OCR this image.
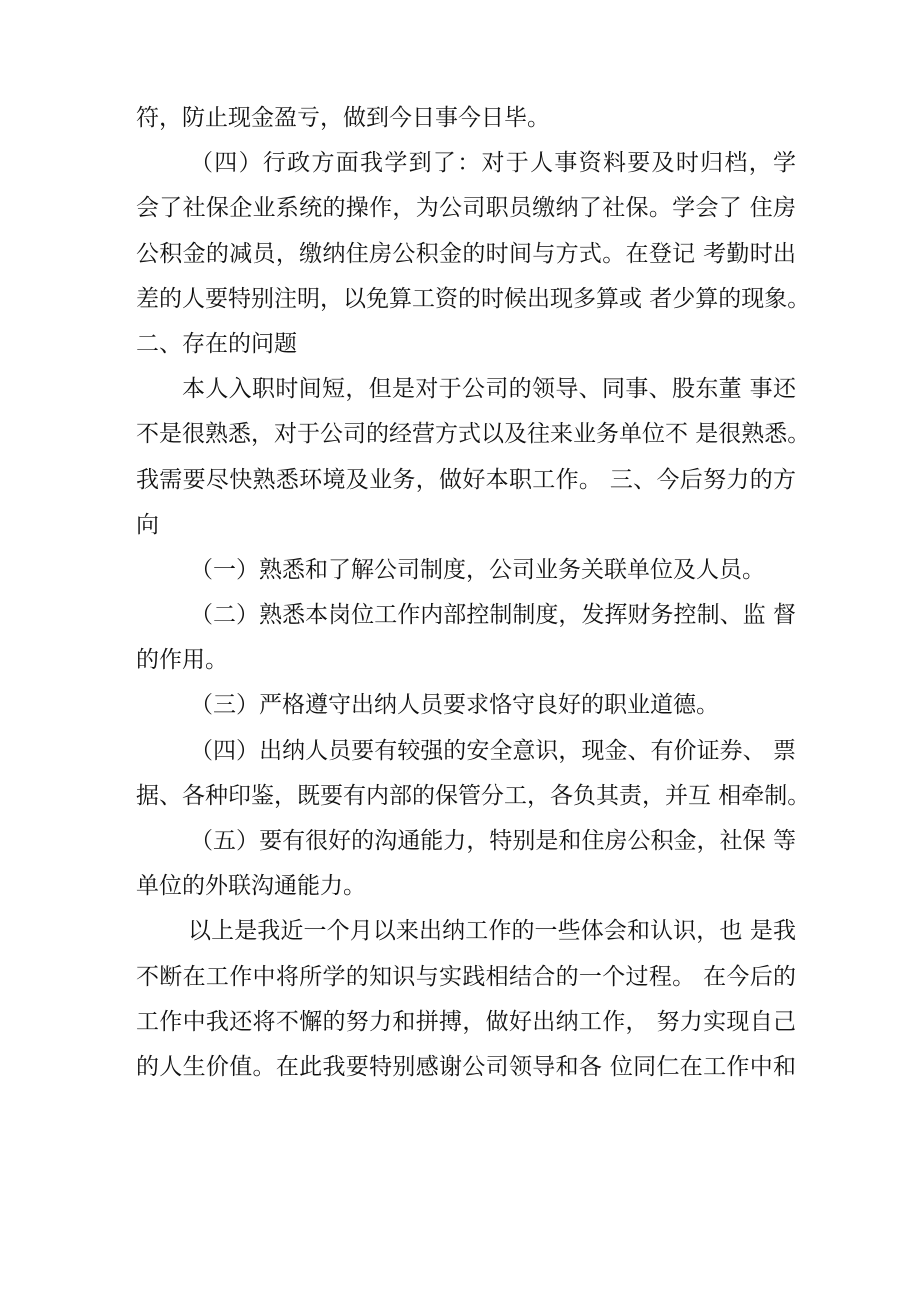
符，防止现金盈亏，做到今日事今日毕。
（四）行政方面我学到了：对于人事资料要及时归档，学
会了社保企业系统的操作，为公司职员缴纳了社保。学会了 住房
公积金的减员，缴纳住房公积金的时间与方式。在登记 考勤时出
差的人要特别注明，以免算工资的时候出现多算或 者少算的现象。
二、存在的问题
本人入职时间短，但是对于公司的领导、同事、股东董 事还
不是很熟悉，对于公司的经营方式以及往来业务单位不 是很熟悉。
我需要尽快熟悉环境及业务，做好本职工作。 三、今后努力的方
向
（一）熟悉和了解公司制度，公司业务关联单位及人员。
（二）熟悉本岗位工作内部控制制度，发挥财务控制、监 督
的作用。
（三）严格遵守出纳人员要求恪守良好的职业道德。
（四）出纳人员要有较强的安全意识，现金、有价证券、 票
据、各种印鉴，既要有内部的保管分工，各负其责，并互 相牵制。
（五）要有很好的沟通能力，特别是和住房公积金，社保 等
单位的外联沟通能力。
以上是我近一个月以来出纳工作的一些体会和认识，也 是我
不断在工作中将所学的知识与实践相结合的一个过程。 在今后的
工作中我还将不懈的努力和拼搏，做好出纳工作， 努力实现自己
的人生价值。在此我要特别感谢公司领导和各 位同仁在工作中和
